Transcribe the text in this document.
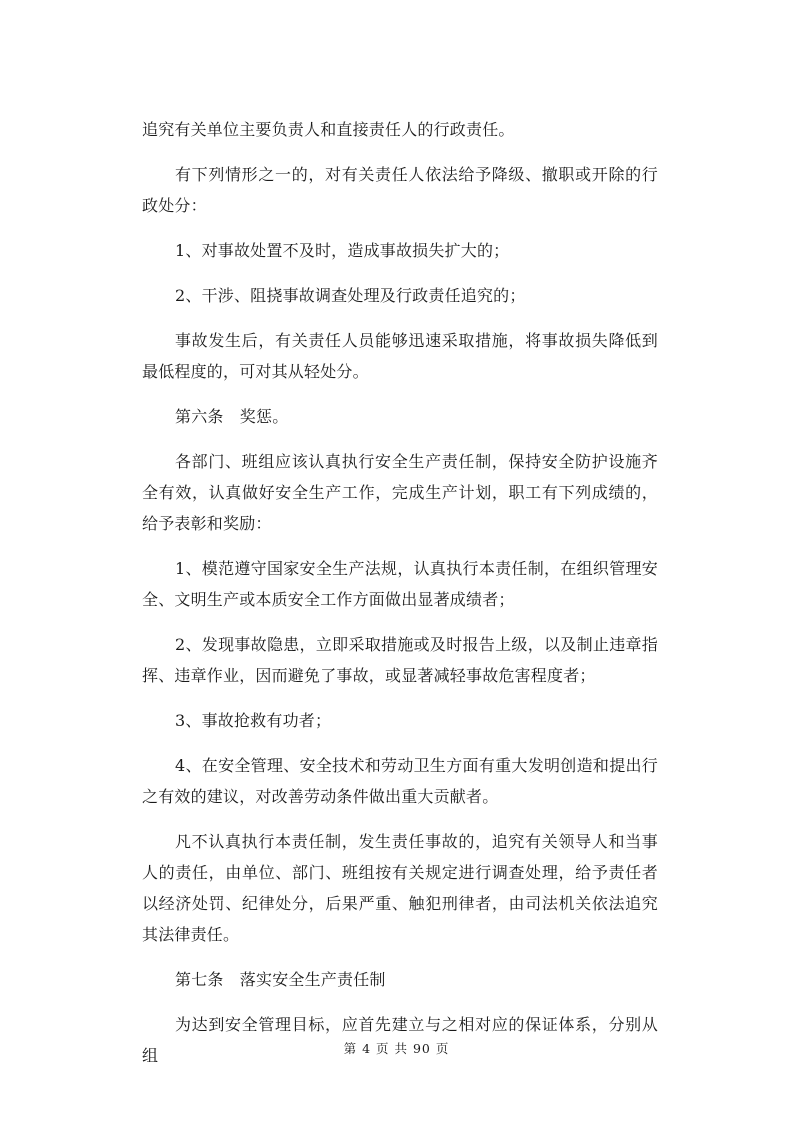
追究有关单位主要负责人和直接责任人的行政责任。

有下列情形之一的，对有关责任人依法给予降级、撤职或开除的行政处分：

1、对事故处置不及时，造成事故损失扩大的；

2、干涉、阻挠事故调查处理及行政责任追究的；

事故发生后，有关责任人员能够迅速采取措施，将事故损失降低到最低程度的，可对其从轻处分。

第六条　奖惩。

各部门、班组应该认真执行安全生产责任制，保持安全防护设施齐全有效，认真做好安全生产工作，完成生产计划，职工有下列成绩的，给予表彰和奖励：

1、模范遵守国家安全生产法规，认真执行本责任制，在组织管理安全、文明生产或本质安全工作方面做出显著成绩者；

2、发现事故隐患，立即采取措施或及时报告上级，以及制止违章指挥、违章作业，因而避免了事故，或显著减轻事故危害程度者；

3、事故抢救有功者；

4、在安全管理、安全技术和劳动卫生方面有重大发明创造和提出行之有效的建议，对改善劳动条件做出重大贡献者。

凡不认真执行本责任制，发生责任事故的，追究有关领导人和当事人的责任，由单位、部门、班组按有关规定进行调查处理，给予责任者以经济处罚、纪律处分，后果严重、触犯刑律者，由司法机关依法追究其法律责任。

第七条　落实安全生产责任制

为达到安全管理目标，应首先建立与之相对应的保证体系，分别从组	第 4 页 共 90 页
